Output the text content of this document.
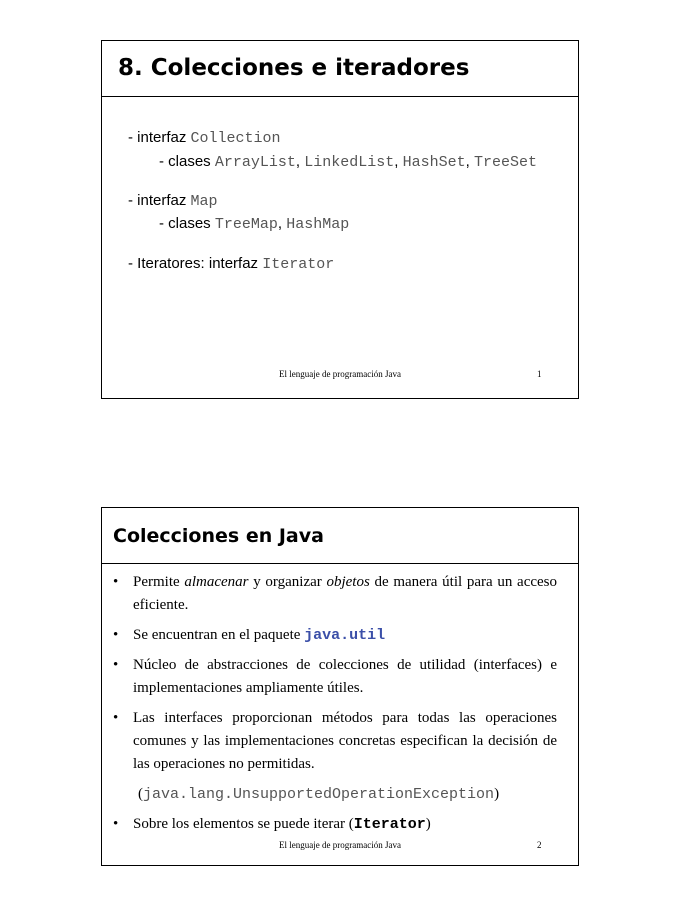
8. Colecciones e iteradores
- interfaz Collection
- clases ArrayList, LinkedList, HashSet, TreeSet
- interfaz Map
- clases TreeMap, HashMap
- Iteratores: interfaz Iterator
El lenguaje de programación Java	1
Colecciones en Java
• Permite almacenar y organizar objetos de manera útil para un acceso eficiente.
• Se encuentran en el paquete java.util
• Núcleo de abstracciones de colecciones de utilidad (interfaces) e implementaciones ampliamente útiles.
• Las interfaces proporcionan métodos para todas las operaciones comunes y las implementaciones concretas especifican la decisión de las operaciones no permitidas.
(java.lang.UnsupportedOperationException)
• Sobre los elementos se puede iterar (Iterator)
El lenguaje de programación Java	2
